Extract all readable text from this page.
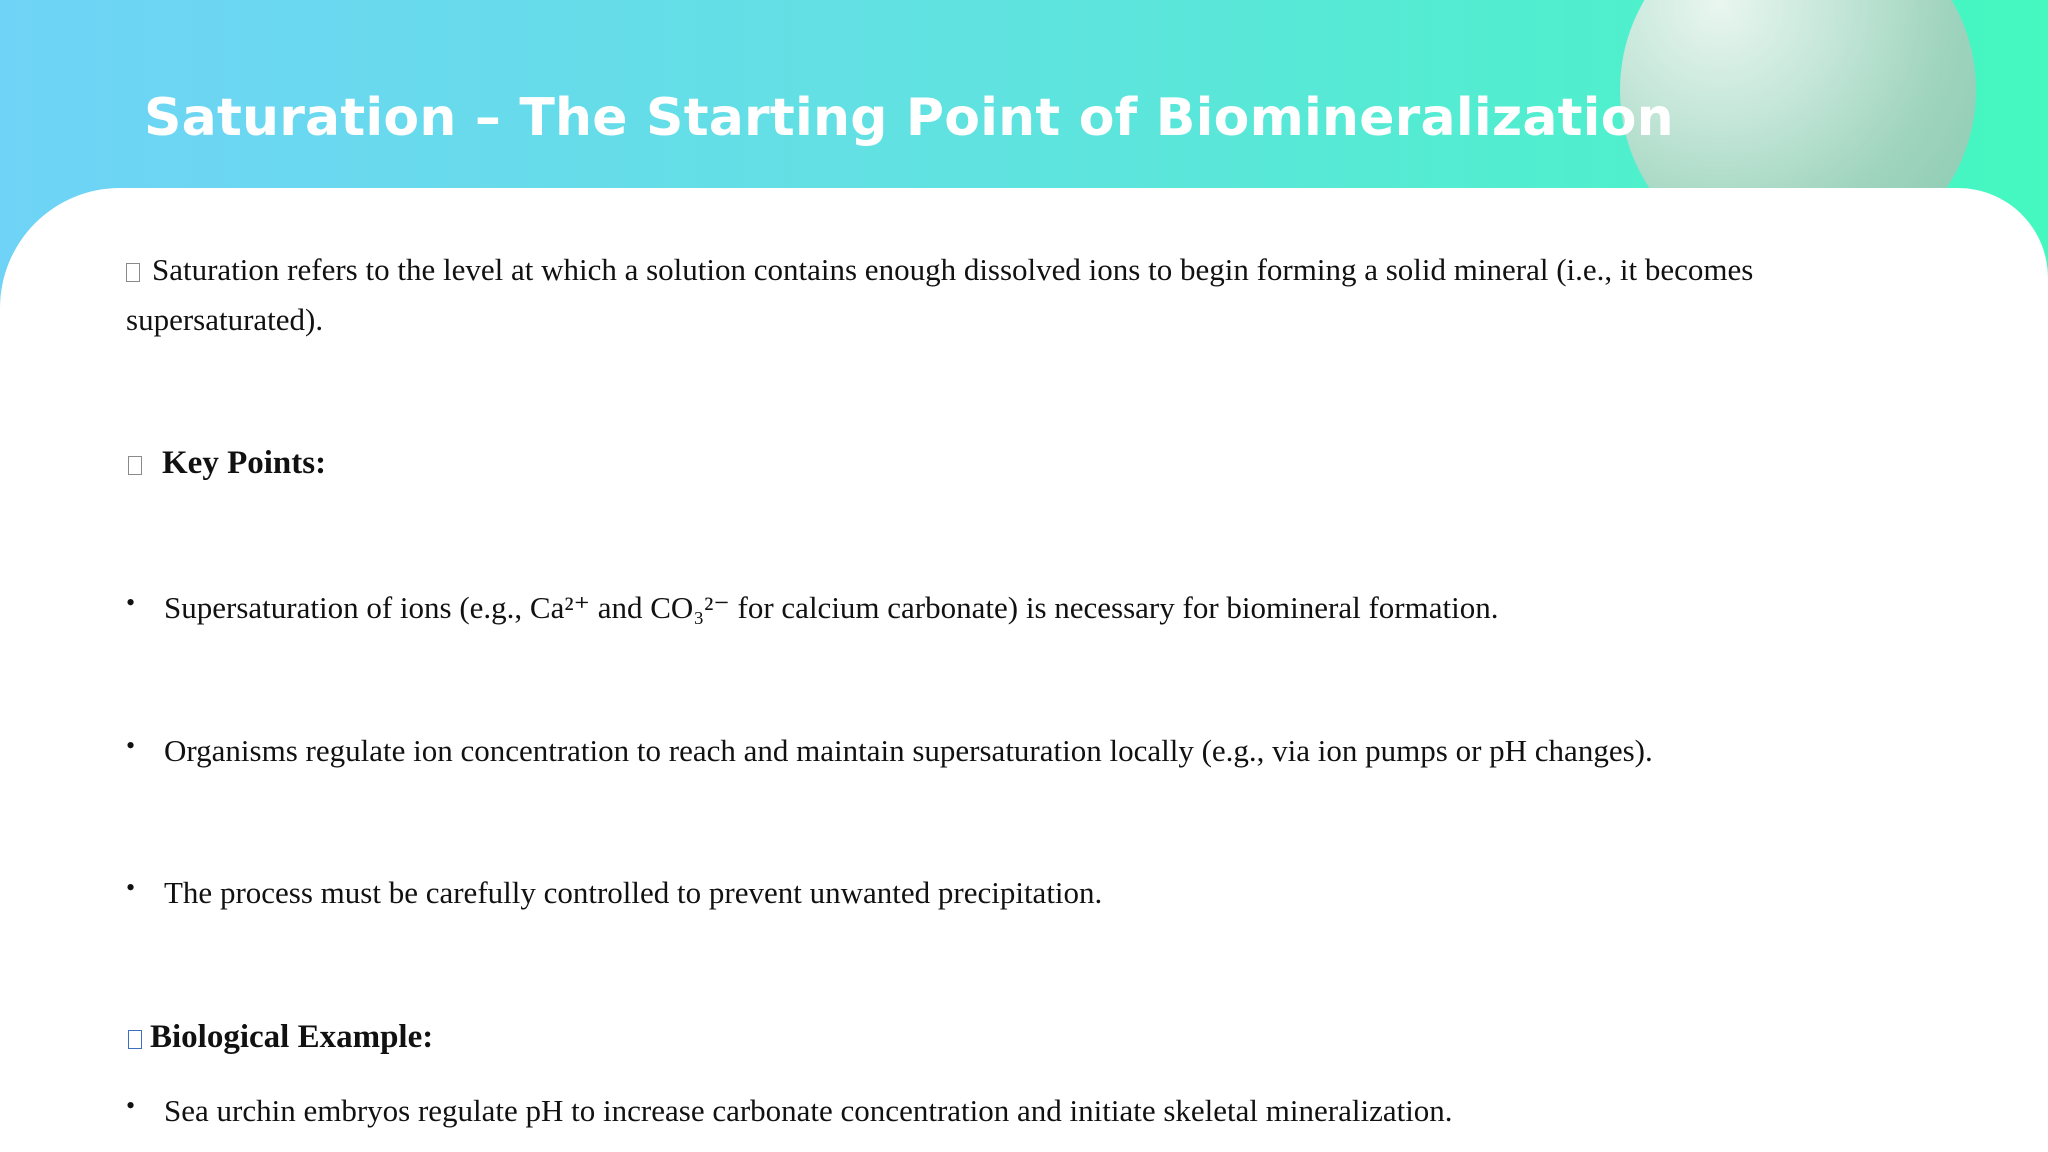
Saturation – The Starting Point of Biomineralization
Saturation refers to the level at which a solution contains enough dissolved ions to begin forming a solid mineral (i.e., it becomes
supersaturated).
Key Points:
• Supersaturation of ions (e.g., Ca²⁺ and CO₃²⁻ for calcium carbonate) is necessary for biomineral formation.

• Organisms regulate ion concentration to reach and maintain supersaturation locally (e.g., via ion pumps or pH changes).

• The process must be carefully controlled to prevent unwanted precipitation.

Biological Example:
• Sea urchin embryos regulate pH to increase carbonate concentration and initiate skeletal mineralization.
